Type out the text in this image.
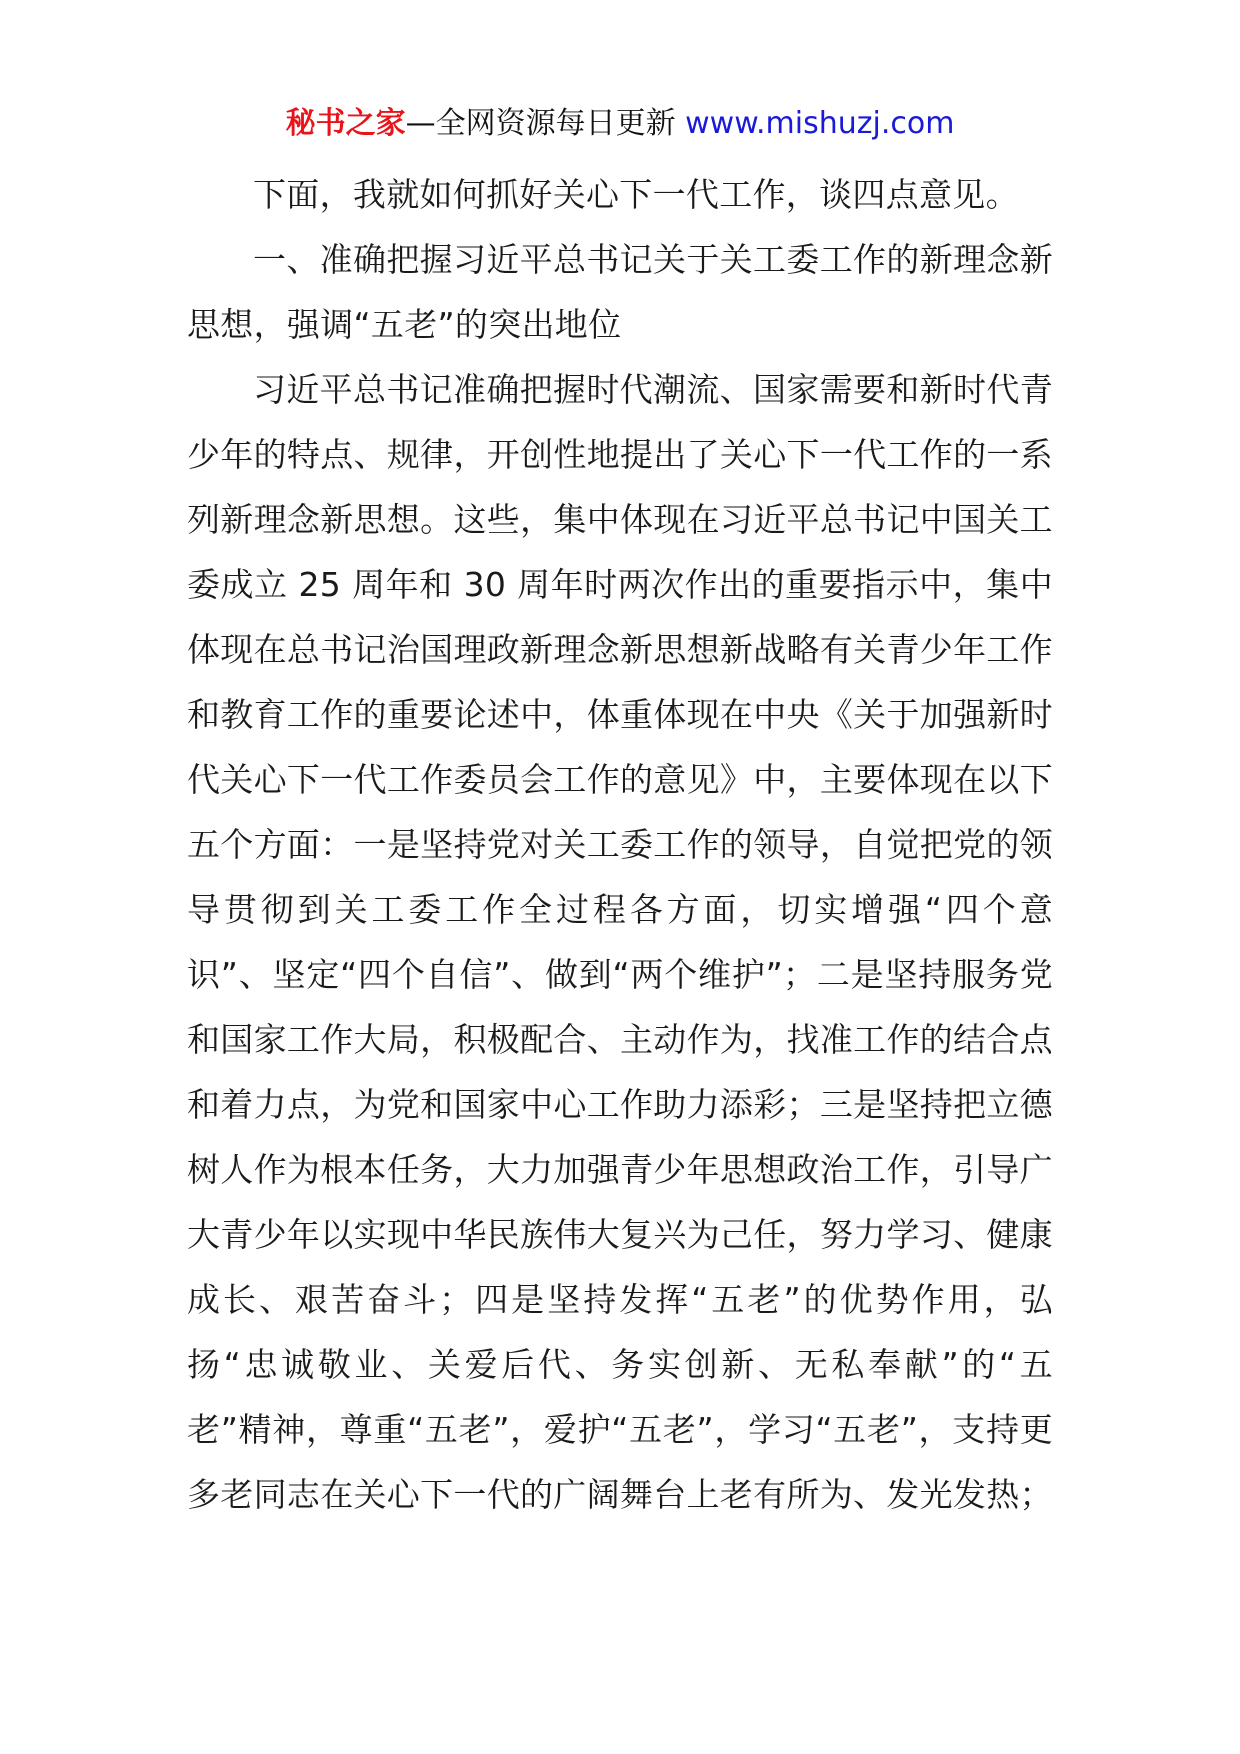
秘书之家—全网资源每日更新 www.mishuzj.com

下面，我就如何抓好关心下一代工作，谈四点意见。

一、准确把握习近平总书记关于关工委工作的新理念新思想，强调“五老”的突出地位

习近平总书记准确把握时代潮流、国家需要和新时代青少年的特点、规律，开创性地提出了关心下一代工作的一系列新理念新思想。这些，集中体现在习近平总书记中国关工委成立 25 周年和 30 周年时两次作出的重要指示中，集中体现在总书记治国理政新理念新思想新战略有关青少年工作和教育工作的重要论述中，体重体现在中央《关于加强新时代关心下一代工作委员会工作的意见》中，主要体现在以下五个方面：一是坚持党对关工委工作的领导，自觉把党的领导贯彻到关工委工作全过程各方面，切实增强“四个意识”、坚定“四个自信”、做到“两个维护”；二是坚持服务党和国家工作大局，积极配合、主动作为，找准工作的结合点和着力点，为党和国家中心工作助力添彩；三是坚持把立德树人作为根本任务，大力加强青少年思想政治工作，引导广大青少年以实现中华民族伟大复兴为己任，努力学习、健康成长、艰苦奋斗；四是坚持发挥“五老”的优势作用，弘扬“忠诚敬业、关爱后代、务实创新、无私奉献”的“五老”精神，尊重“五老”，爱护“五老”，学习“五老”，支持更多老同志在关心下一代的广阔舞台上老有所为、发光发热；
